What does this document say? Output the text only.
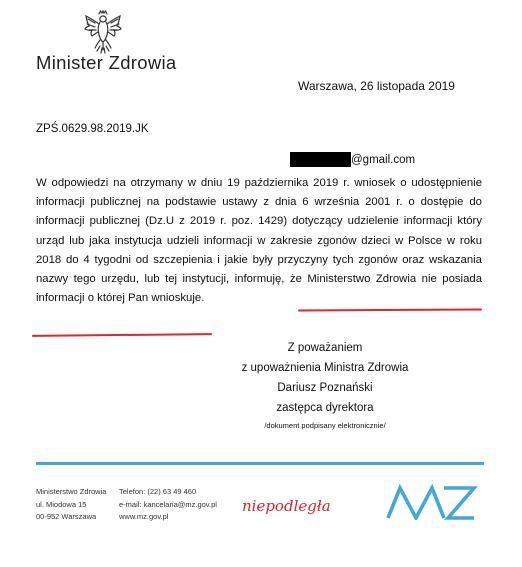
Minister Zdrowia
Warszawa, 26 listopada 2019
ZPŚ.0629.98.2019.JK
@gmail.com
W odpowiedzi na otrzymany w dniu 19 października 2019 r. wniosek o udostępnienie
informacji publicznej na podstawie ustawy z dnia 6 września 2001 r. o dostępie do
informacji publicznej (Dz.U z 2019 r. poz. 1429) dotyczący udzielenie informacji który
urząd lub jaka instytucja udzieli informacji w zakresie zgonów dzieci w Polsce w roku
2018 do 4 tygodni od szczepienia i jakie były przyczyny tych zgonów oraz wskazania
nazwy tego urzędu, lub tej instytucji, informuję, że Ministerstwo Zdrowia nie posiada
informacji o której Pan wnioskuje.
Z poważaniem
z upoważnienia Ministra Zdrowia
Dariusz Poznański
zastępca dyrektora
/dokument podpisany elektronicznie/
Ministerstwo Zdrowia
ul. Miodowa 15
00-952 Warszawa
Telefon: (22) 63 49 460
e-mail: kancelaria@mz.gov.pl
www.mz.gov.pl
niepodległa
